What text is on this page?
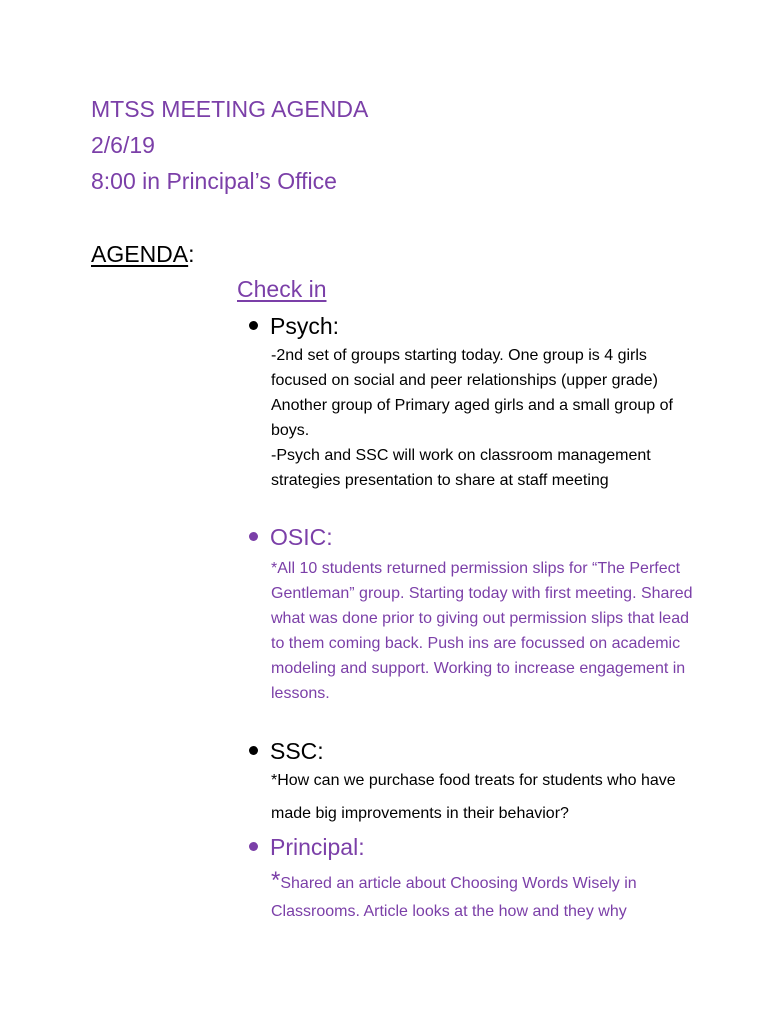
MTSS MEETING AGENDA
2/6/19
8:00 in Principal’s Office
AGENDA:
Check in
Psych:

-2nd set of groups starting today. One group is 4 girls focused on social and peer relationships (upper grade) Another group of Primary aged girls and a small group of boys.

-Psych and SSC will work on classroom management strategies presentation to share at staff meeting

OSIC:

*All 10 students returned permission slips for “The Perfect Gentleman” group. Starting today with first meeting. Shared what was done prior to giving out permission slips that lead to them coming back. Push ins are focussed on academic modeling and support. Working to increase engagement in lessons.

SSC:

*How can we purchase food treats for students who have made big improvements in their behavior?

Principal:

*Shared an article about Choosing Words Wisely in Classrooms. Article looks at the how and they why
